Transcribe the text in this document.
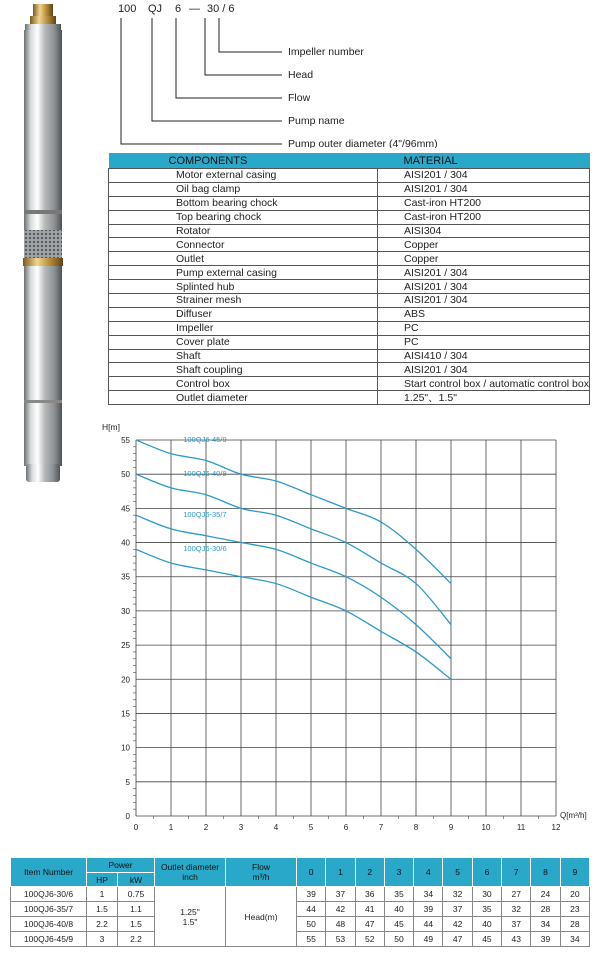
100 QJ 6 — 30 / 6
Impeller number
Head
Flow
Pump name
Pump outer diameter (4"/96mm)
COMPONENTS	MATERIAL
Motor external casing	AISI201 / 304
Oil bag clamp	AISI201 / 304
Bottom bearing chock	Cast-iron HT200
Top bearing chock	Cast-iron HT200
Rotator	AISI304
Connector	Copper
Outlet	Copper
Pump external casing	AISI201 / 304
Splinted hub	AISI201 / 304
Strainer mesh	AISI201 / 304
Diffuser	ABS
Impeller	PC
Cover plate	PC
Shaft	AISI410 / 304
Shaft coupling	AISI201 / 304
Control box	Start control box / automatic control box
Outlet diameter	1.25"、1.5"
0	1	2	3	4	5	6	7	8	9	10	11	12
0
5
10
15
20
25
30
35
40
45
50
55
H[m]
Q[m³/h]
100QJ6-45/9
100QJ6-40/8
100QJ6-35/7
100QJ6-30/6
Item Number	Power		Outlet diameter
inch	Flow
m³/h	0	1	2	3	4	5	6	7	8	9
	HP	kW												
100QJ6-30/6	1	0.75	1.25"
1.5"	Head(m)	39	37	36	35	34	32	30	27	24	20
100QJ6-35/7	1.5	1.1			44	42	41	40	39	37	35	32	28	23
100QJ6-40/8	2.2	1.5			50	48	47	45	44	42	40	37	34	28
100QJ6-45/9	3	2.2			55	53	52	50	49	47	45	43	39	34
